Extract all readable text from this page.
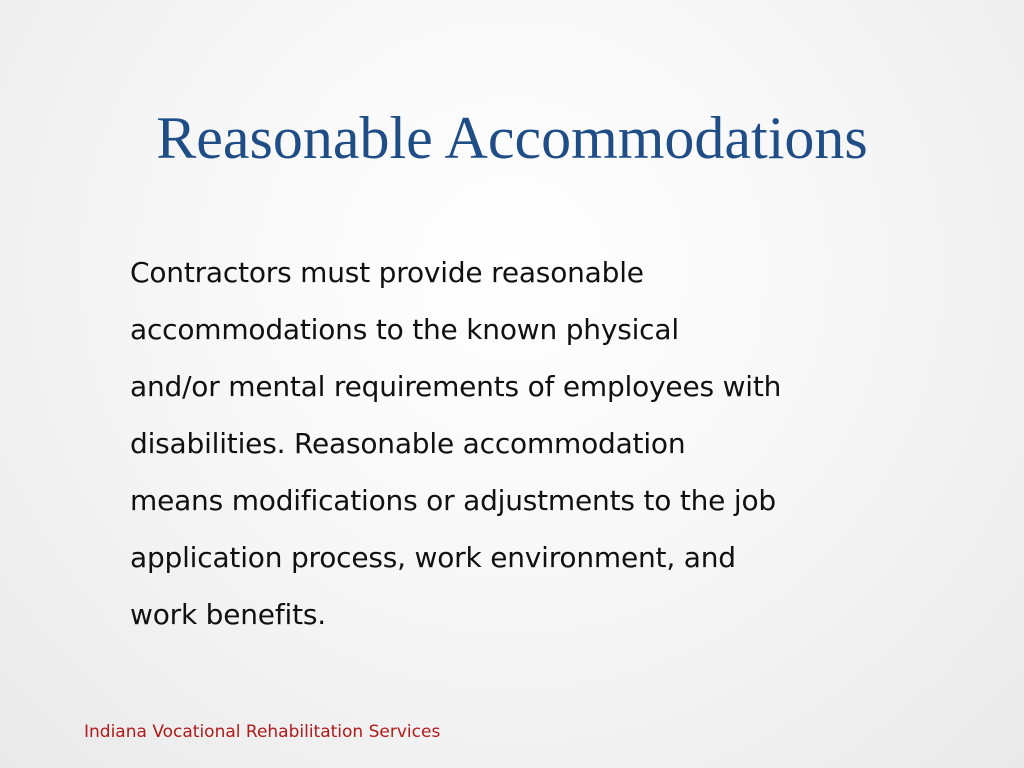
Reasonable Accommodations

Contractors must provide reasonable
accommodations to the known physical
and/or mental requirements of employees with
disabilities. Reasonable accommodation
means modifications or adjustments to the job
application process, work environment, and
work benefits.

Indiana Vocational Rehabilitation Services
